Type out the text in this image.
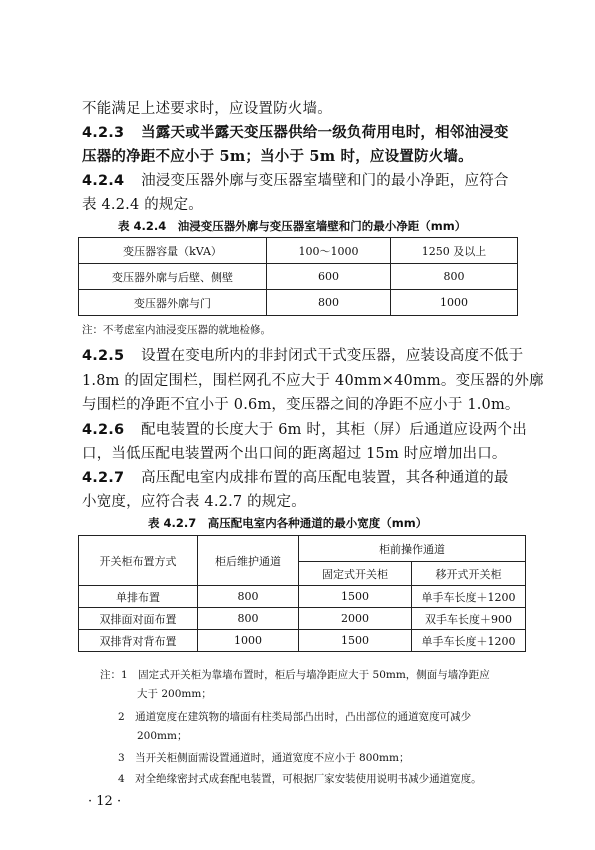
不能满足上述要求时，应设置防火墙。
4.2.3 当露天或半露天变压器供给一级负荷用电时，相邻油浸变
压器的净距不应小于 5m；当小于 5m 时，应设置防火墙。
4.2.4 油浸变压器外廓与变压器室墙壁和门的最小净距，应符合
表 4.2.4 的规定。
表 4.2.4　油浸变压器外廓与变压器室墙壁和门的最小净距（mm）
变压器容量（kVA）	100～1000	1250 及以上
变压器外廓与后壁、侧壁	600	800
变压器外廓与门	800	1000
注：不考虑室内油浸变压器的就地检修。
4.2.5 设置在变电所内的非封闭式干式变压器，应装设高度不低于
1.8m 的固定围栏，围栏网孔不应大于 40mm×40mm。变压器的外廓
与围栏的净距不宜小于 0.6m，变压器之间的净距不应小于 1.0m。
4.2.6 配电装置的长度大于 6m 时，其柜（屏）后通道应设两个出
口，当低压配电装置两个出口间的距离超过 15m 时应增加出口。
4.2.7 高压配电室内成排布置的高压配电装置，其各种通道的最
小宽度，应符合表 4.2.7 的规定。
表 4.2.7　高压配电室内各种通道的最小宽度（mm）
开关柜布置方式	柜后维护通道	柜前操作通道	
		固定式开关柜	移开式开关柜
单排布置	800	1500	单手车长度＋1200
双排面对面布置	800	2000	双手车长度＋900
双排背对背布置	1000	1500	单手车长度＋1200
注：1　固定式开关柜为靠墙布置时，柜后与墙净距应大于 50mm，侧面与墙净距应
大于 200mm；
2　通道宽度在建筑物的墙面有柱类局部凸出时，凸出部位的通道宽度可减少
200mm；
3　当开关柜侧面需设置通道时，通道宽度不应小于 800mm；
4　对全绝缘密封式成套配电装置，可根据厂家安装使用说明书减少通道宽度。
· 12 ·
